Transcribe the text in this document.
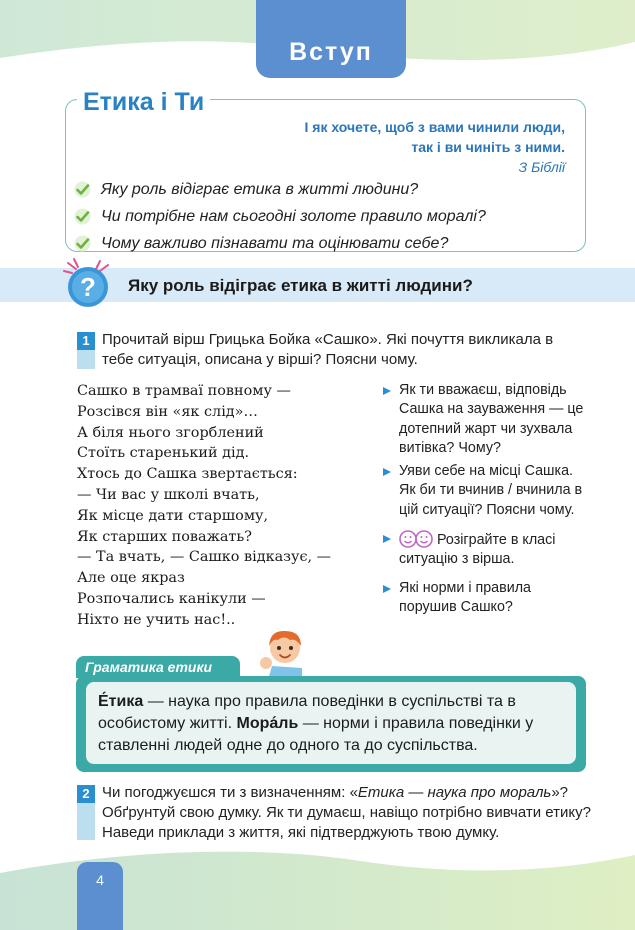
Вступ
Етика і Ти
І як хочете, щоб з вами чинили люди,
так і ви чиніть з ними.
З Біблії
Яку роль відіграє етика в житті людини?
Чи потрібне нам сьогодні золоте правило моралі?
Чому важливо пізнавати та оцінювати себе?
? Яку роль відіграє етика в житті людини?
1 Прочитай вірш Грицька Бойка «Сашко». Які почуття викликала в тебе ситуація, описана у вірші? Поясни чому.
Сашко в трамваї повному —
Розсівся він «як слід»…
А біля нього згорблений
Стоїть старенький дід.
Хтось до Сашка звертається:
— Чи вас у школі вчать,
Як місце дати старшому,
Як старших поважать?
— Та вчать, — Сашко відказує, —
Але оце якраз
Розпочались канікули —
Ніхто не учить нас!..
Як ти вважаєш, відповідь Сашка на зауваження — це дотепний жарт чи зухвала витівка? Чому?
Уяви себе на місці Сашка. Як би ти вчинив / вчинила в цій ситуації? Поясни чому.
Розіграйте в класі ситуацію з вірша.
Які норми і правила порушив Сашко?
Граматика етики
Е́тика — наука про правила поведінки в суспільстві та в особистому житті. Мора́ль — норми і правила поведінки у ставленні людей одне до одного та до суспільства.
2 Чи погоджуєшся ти з визначенням: «Етика — наука про мораль»? Обґрунтуй свою думку. Як ти думаєш, навіщо потрібно вивчати етику? Наведи приклади з життя, які підтверджують твою думку.
4
